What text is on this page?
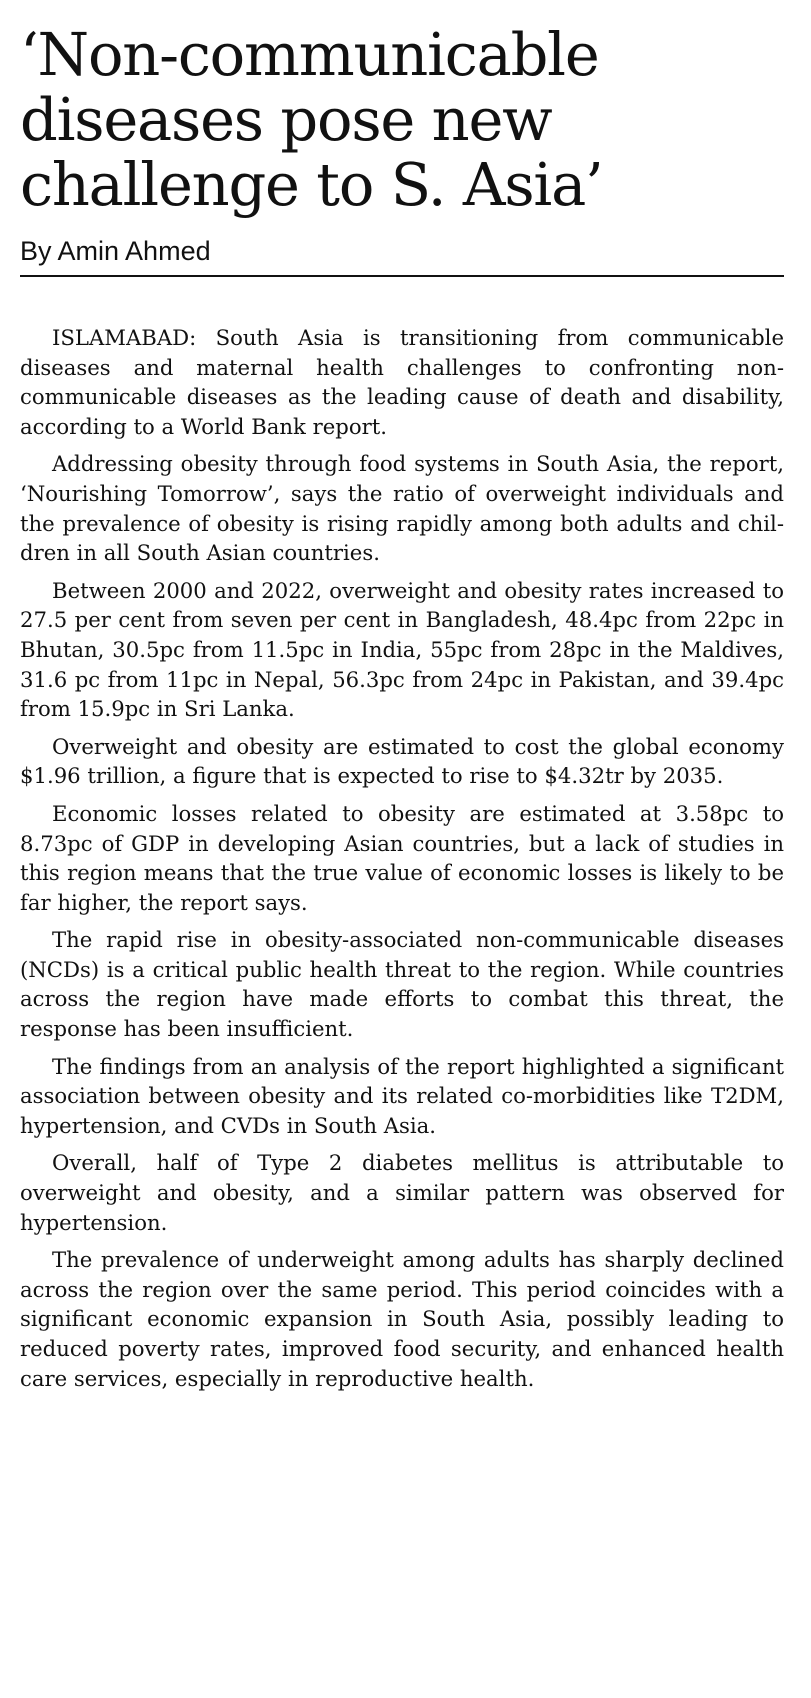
‘Non-communicable diseases pose new challenge to S. Asia’
By Amin Ahmed

ISLAMABAD: South Asia is transitioning from communicable diseases and maternal health challenges to confronting non-communicable diseases as the leading cause of death and disability, according to a World Bank report.

Addressing obesity through food systems in South Asia, the report, ‘Nourishing Tomorrow’, says the ratio of overweight individuals and the prevalence of obesity is rising rapidly among both adults and children in all South Asian countries.

Between 2000 and 2022, overweight and obesity rates increased to 27.5 per cent from seven per cent in Bangladesh, 48.4pc from 22pc in Bhutan, 30.5pc from 11.5pc in India, 55pc from 28pc in the Maldives, 31.6 pc from 11pc in Nepal, 56.3pc from 24pc in Pakistan, and 39.4pc from 15.9pc in Sri Lanka.

Overweight and obesity are estimated to cost the global economy $1.96 trillion, a figure that is expected to rise to $4.32tr by 2035.

Economic losses related to obesity are estimated at 3.58pc to 8.73pc of GDP in developing Asian countries, but a lack of studies in this region means that the true value of economic losses is likely to be far higher, the report says.

The rapid rise in obesity-associated non-communicable diseases (NCDs) is a critical public health threat to the region. While countries across the region have made efforts to combat this threat, the response has been insufficient.

The findings from an analysis of the report highlighted a significant association between obesity and its related co-morbidities like T2DM, hypertension, and CVDs in South Asia.

Overall, half of Type 2 diabetes mellitus is attributable to overweight and obesity, and a similar pattern was observed for hypertension.

The prevalence of underweight among adults has sharply declined across the region over the same period. This period coincides with a significant economic expansion in South Asia, possibly leading to reduced poverty rates, improved food security, and enhanced health care services, especially in reproductive health.
